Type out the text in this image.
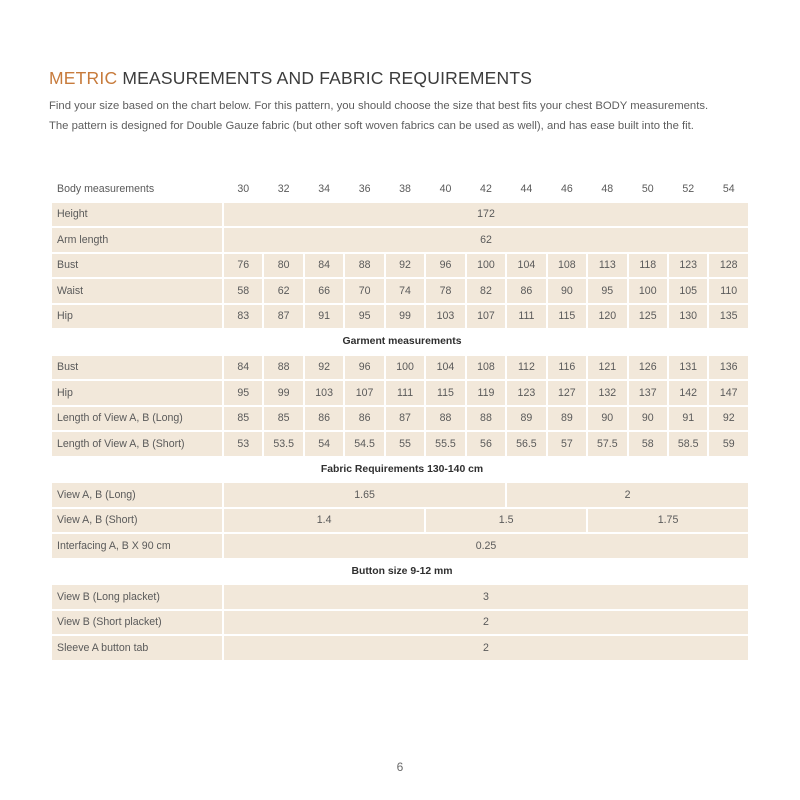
METRIC MEASUREMENTS AND FABRIC REQUIREMENTS
Find your size based on the chart below. For this pattern, you should choose the size that best fits your chest BODY measurements.
The pattern is designed for Double Gauze fabric (but other soft woven fabrics can be used as well), and has ease built into the fit.
Body measurements	30	32	34	36	38	40	42	44	46	48	50	52	54
Height	172												
Arm length	62												
Bust	76	80	84	88	92	96	100	104	108	113	118	123	128
Waist	58	62	66	70	74	78	82	86	90	95	100	105	110
Hip	83	87	91	95	99	103	107	111	115	120	125	130	135
Garment measurements													
Bust	84	88	92	96	100	104	108	112	116	121	126	131	136
Hip	95	99	103	107	111	115	119	123	127	132	137	142	147
Length of View A, B (Long)	85	85	86	86	87	88	88	89	89	90	90	91	92
Length of View A, B (Short)	53	53.5	54	54.5	55	55.5	56	56.5	57	57.5	58	58.5	59
Fabric Requirements 130-140 cm													
View A, B (Long)	1.65							2					
View A, B (Short)	1.4					1.5				1.75			
Interfacing A, B X 90 cm	0.25												
Button size 9-12 mm													
View B (Long placket)	3												
View B (Short placket)	2												
Sleeve A button tab	2												
6
